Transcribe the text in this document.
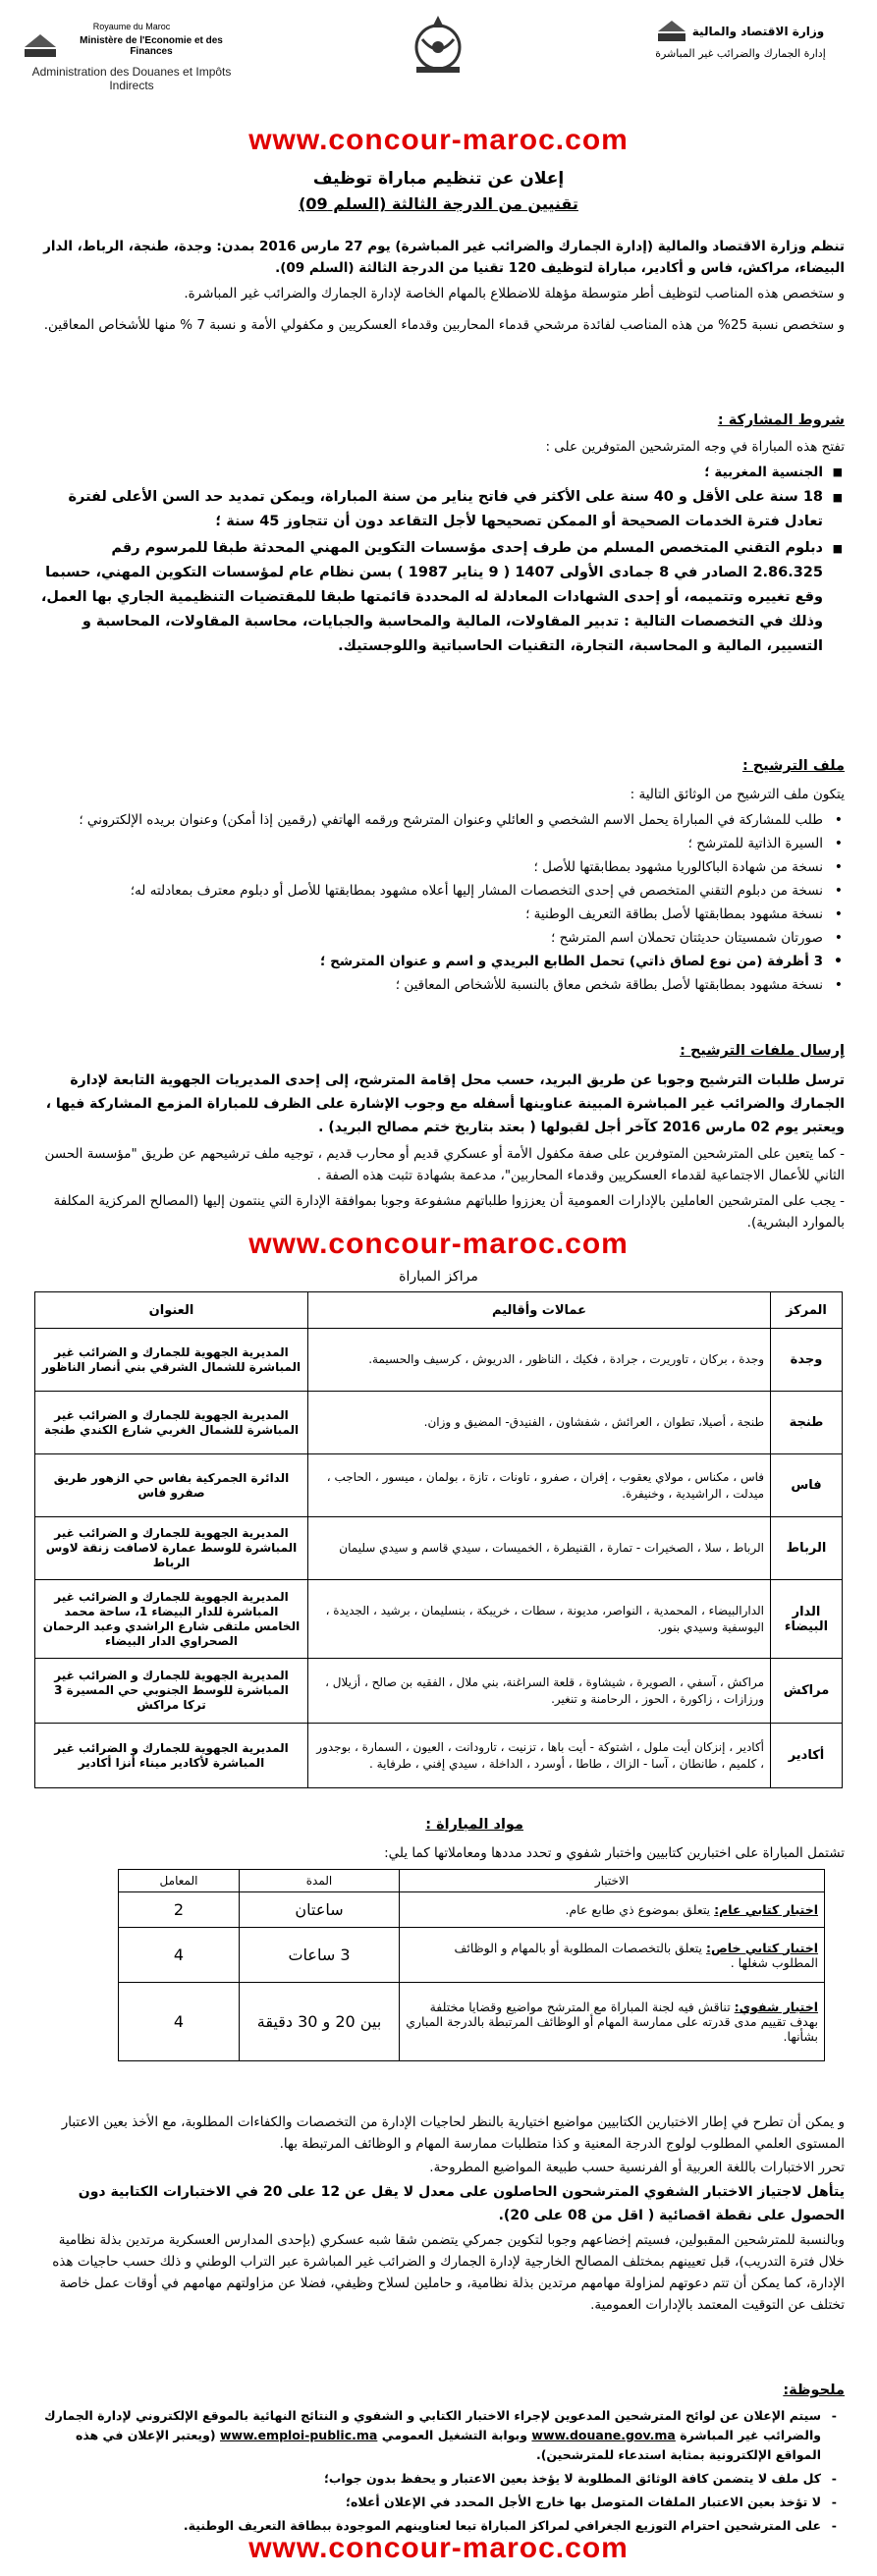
Royaume du Maroc
Ministère de l'Economie et des Finances
Administration des Douanes et Impôts Indirects
وزارة الاقتصاد والمالية
إدارة الجمارك والضرائب غير المباشرة
www.concour-maroc.com
إعلان عن تنظيم مباراة توظيف
تقنيين من الدرجة الثالثة (السلم 09)
تنظم وزارة الاقتصاد والمالية (إدارة الجمارك والضرائب غير المباشرة) يوم 27 مارس 2016 بمدن: وجدة، طنجة، الرباط، الدار البيضاء، مراكش، فاس و أكادير، مباراة لتوظيف 120 تقنيا من الدرجة الثالثة (السلم 09).
و ستخصص هذه المناصب لتوظيف أطر متوسطة مؤهلة للاضطلاع بالمهام الخاصة لإدارة الجمارك والضرائب غير المباشرة.
و ستخصص نسبة 25% من هذه المناصب لفائدة مرشحي قدماء المحاربين وقدماء العسكريين و مكفولي الأمة و نسبة 7 % منها للأشخاص المعاقين.
شروط المشاركة :
تفتح هذه المباراة في وجه المترشحين المتوفرين على :
■ الجنسية المغربية ؛
■ 18 سنة على الأقل و 40 سنة على الأكثر في فاتح يناير من سنة المباراة، ويمكن تمديد حد السن الأعلى لفترة تعادل فترة الخدمات الصحيحة أو الممكن تصحيحها لأجل التقاعد دون أن تتجاوز 45 سنة ؛
■ دبلوم التقني المتخصص المسلم من طرف إحدى مؤسسات التكوين المهني المحدثة طبقا للمرسوم رقم 2.86.325 الصادر في 8 جمادى الأولى 1407 ( 9 يناير 1987 ) بسن نظام عام لمؤسسات التكوين المهني، حسبما وقع تغييره وتتميمه، أو إحدى الشهادات المعادلة له المحددة قائمتها طبقا للمقتضيات التنظيمية الجاري بها العمل، وذلك في التخصصات التالية : تدبير المقاولات، المالية والمحاسبة والجبايات، محاسبة المقاولات، المحاسبة و التسيير، المالية و المحاسبة، التجارة، التقنيات الحاسباتية واللوجستيك.
ملف الترشيح :
يتكون ملف الترشيح من الوثائق التالية :
• طلب للمشاركة في المباراة يحمل الاسم الشخصي و العائلي وعنوان المترشح ورقمه الهاتفي (رقمين إذا أمكن) وعنوان بريده الإلكتروني ؛
• السيرة الذاتية للمترشح ؛
• نسخة من شهادة الباكالوريا مشهود بمطابقتها للأصل ؛
• نسخة من دبلوم التقني المتخصص في إحدى التخصصات المشار إليها أعلاه مشهود بمطابقتها للأصل أو دبلوم معترف بمعادلته له؛
• نسخة مشهود بمطابقتها لأصل بطاقة التعريف الوطنية ؛
• صورتان شمسيتان حديثتان تحملان اسم المترشح ؛
• 3 أظرفة (من نوع لصاق ذاتي) تحمل الطابع البريدي و اسم و عنوان المترشح ؛
• نسخة مشهود بمطابقتها لأصل بطاقة شخص معاق بالنسبة للأشخاص المعاقين ؛
إرسال ملفات الترشيح :
ترسل طلبات الترشيح وجوبا عن طريق البريد، حسب محل إقامة المترشح، إلى إحدى المديريات الجهوية التابعة لإدارة الجمارك والضرائب غير المباشرة المبينة عناوينها أسفله مع وجوب الإشارة على الظرف للمباراة المزمع المشاركة فيها ، ويعتبر يوم 02 مارس 2016 كآخر أجل لقبولها ( بعتد بتاريخ ختم مصالح البريد) .
- كما يتعين على المترشحين المتوفرين على صفة مكفول الأمة أو عسكري قديم أو محارب قديم ، توجيه ملف ترشيحهم عن طريق "مؤسسة الحسن الثاني للأعمال الاجتماعية لقدماء العسكريين وقدماء المحاربين"، مدعمة بشهادة تثبت هذه الصفة .
- يجب على المترشحين العاملين بالإدارات العمومية أن يعززوا طلباتهم مشفوعة وجوبا بموافقة الإدارة التي ينتمون إليها (المصالح المركزية المكلفة بالموارد البشرية).
www.concour-maroc.com
مراكز المباراة
المركز	عمالات وأقاليم	العنوان
وجدة	وجدة ، بركان ، تاوريرت ، جرادة ، فكيك ، الناظور ، الدريوش ، كرسيف والحسيمة.	المديرية الجهوية للجمارك و الضرائب غير المباشرة للشمال الشرقي بني أنصار الناظور
طنجة	طنجة ، أصيلا، تطوان ، العرائش ، شفشاون ، الفنيدق- المضيق و وزان.	المديرية الجهوية للجمارك و الضرائب غير المباشرة للشمال الغربي شارع الكندي طنجة
فاس	فاس ، مكناس ، مولاي يعقوب ، إفران ، صفرو ، تاونات ، تازة ، بولمان ، ميسور ، الحاجب ، ميدلت ، الراشيدية ، وخنيفرة.	الدائرة الجمركية بفاس حي الزهور طريق صفرو فاس
الرباط	الرباط ، سلا ، الصخيرات - تمارة ، القنيطرة ، الخميسات ، سيدي قاسم و سيدي سليمان	المديرية الجهوية للجمارك و الضرائب غير المباشرة للوسط عمارة لاصافت زنقة لاوس الرباط
الدار البيضاء	الدارالبيضاء ، المحمدية ، النواصر، مديونة ، سطات ، خريبكة ، بنسليمان ، برشيد ، الجديدة ، اليوسفية وسيدي بنور.	المديرية الجهوية للجمارك و الضرائب غير المباشرة للدار البيضاء 1، ساحة محمد الخامس ملتقى شارع الراشدي وعبد الرحمان الصحراوي الدار البيضاء
مراكش	مراكش ، آسفي ، الصويرة ، شيشاوة ، قلعة السراغنة، بني ملال ، الفقيه بن صالح ، أزيلال ، ورزازات ، زاكورة ، الحوز ، الرحامنة و تنغير.	المديرية الجهوية للجمارك و الضرائب غير المباشرة للوسط الجنوبي حي المسيرة 3 تركا مراكش
أكادير	أكادير ، إنزكان أيت ملول ، اشتوكة - أيت باها ، تزنيت ، تارودانت ، العيون ، السمارة ، بوجدور ، كلميم ، طانطان ، آسا - الزاك ، طاطا ، أوسرد ، الداخلة ، سيدي إفني ، طرفاية .	المديرية الجهوية للجمارك و الضرائب غير المباشرة لأكادير ميناء أنزا أكادير
مواد المباراة :
تشتمل المباراة على اختبارين كتابيين واختبار شفوي و تحدد مددها ومعاملاتها كما يلي:
الاختبار	المدة	المعامل
اختبار كتابي عام: يتعلق بموضوع ذي طابع عام.	ساعتان	2
اختبار كتابي خاص: يتعلق بالتخصصات المطلوبة أو بالمهام و الوظائف المطلوب شغلها .	3 ساعات	4
اختبار شفوي: تناقش فيه لجنة المباراة مع المترشح مواضيع وقضايا مختلفة بهدف تقييم مدى قدرته على ممارسة المهام أو الوظائف المرتبطة بالدرجة المباري بشأنها.	بين 20 و 30 دقيقة	4
و يمكن أن تطرح في إطار الاختبارين الكتابيين مواضيع اختيارية بالنظر لحاجيات الإدارة من التخصصات والكفاءات المطلوبة، مع الأخذ بعين الاعتبار المستوى العلمي المطلوب لولوج الدرجة المعنية و كذا متطلبات ممارسة المهام و الوظائف المرتبطة بها.
تحرر الاختبارات باللغة العربية أو الفرنسية حسب طبيعة المواضيع المطروحة.
يتأهل لاجتياز الاختبار الشفوي المترشحون الحاصلون على معدل لا يقل عن 12 على 20 في الاختبارات الكتابية دون الحصول على نقطة اقصائية ( اقل من 08 على 20).
وبالنسبة للمترشحين المقبولين، فسيتم إخضاعهم وجوبا لتكوين جمركي يتضمن شقا شبه عسكري (بإحدى المدارس العسكرية مرتدين بذلة نظامية خلال فترة التدريب)، قبل تعيينهم بمختلف المصالح الخارجية لإدارة الجمارك و الضرائب غير المباشرة عبر التراب الوطني و ذلك حسب حاجيات هذه الإدارة، كما يمكن أن تتم دعوتهم لمزاولة مهامهم مرتدين بذلة نظامية، و حاملين لسلاح وظيفي، فضلا عن مزاولتهم مهامهم في أوقات عمل خاصة تختلف عن التوقيت المعتمد بالإدارات العمومية.
ملحوظة:
- سيتم الإعلان عن لوائح المترشحين المدعوين لإجراء الاختبار الكتابي و الشفوي و النتائج النهائية بالموقع الإلكتروني لإدارة الجمارك والضرائب غير المباشرة www.douane.gov.ma وبوابة التشغيل العمومي www.emploi-public.ma (ويعتبر الإعلان في هذه المواقع الإلكترونية بمثابة استدعاء للمترشحين).
- كل ملف لا يتضمن كافة الوثائق المطلوبة لا يؤخذ بعين الاعتبار و يحفظ بدون جواب؛
- لا تؤخذ بعين الاعتبار الملفات المتوصل بها خارج الأجل المحدد في الإعلان أعلاه؛
- على المترشحين احترام التوزيع الجغرافي لمراكز المباراة تبعا لعناوينهم الموجودة ببطاقة التعريف الوطنية.
www.concour-maroc.com
